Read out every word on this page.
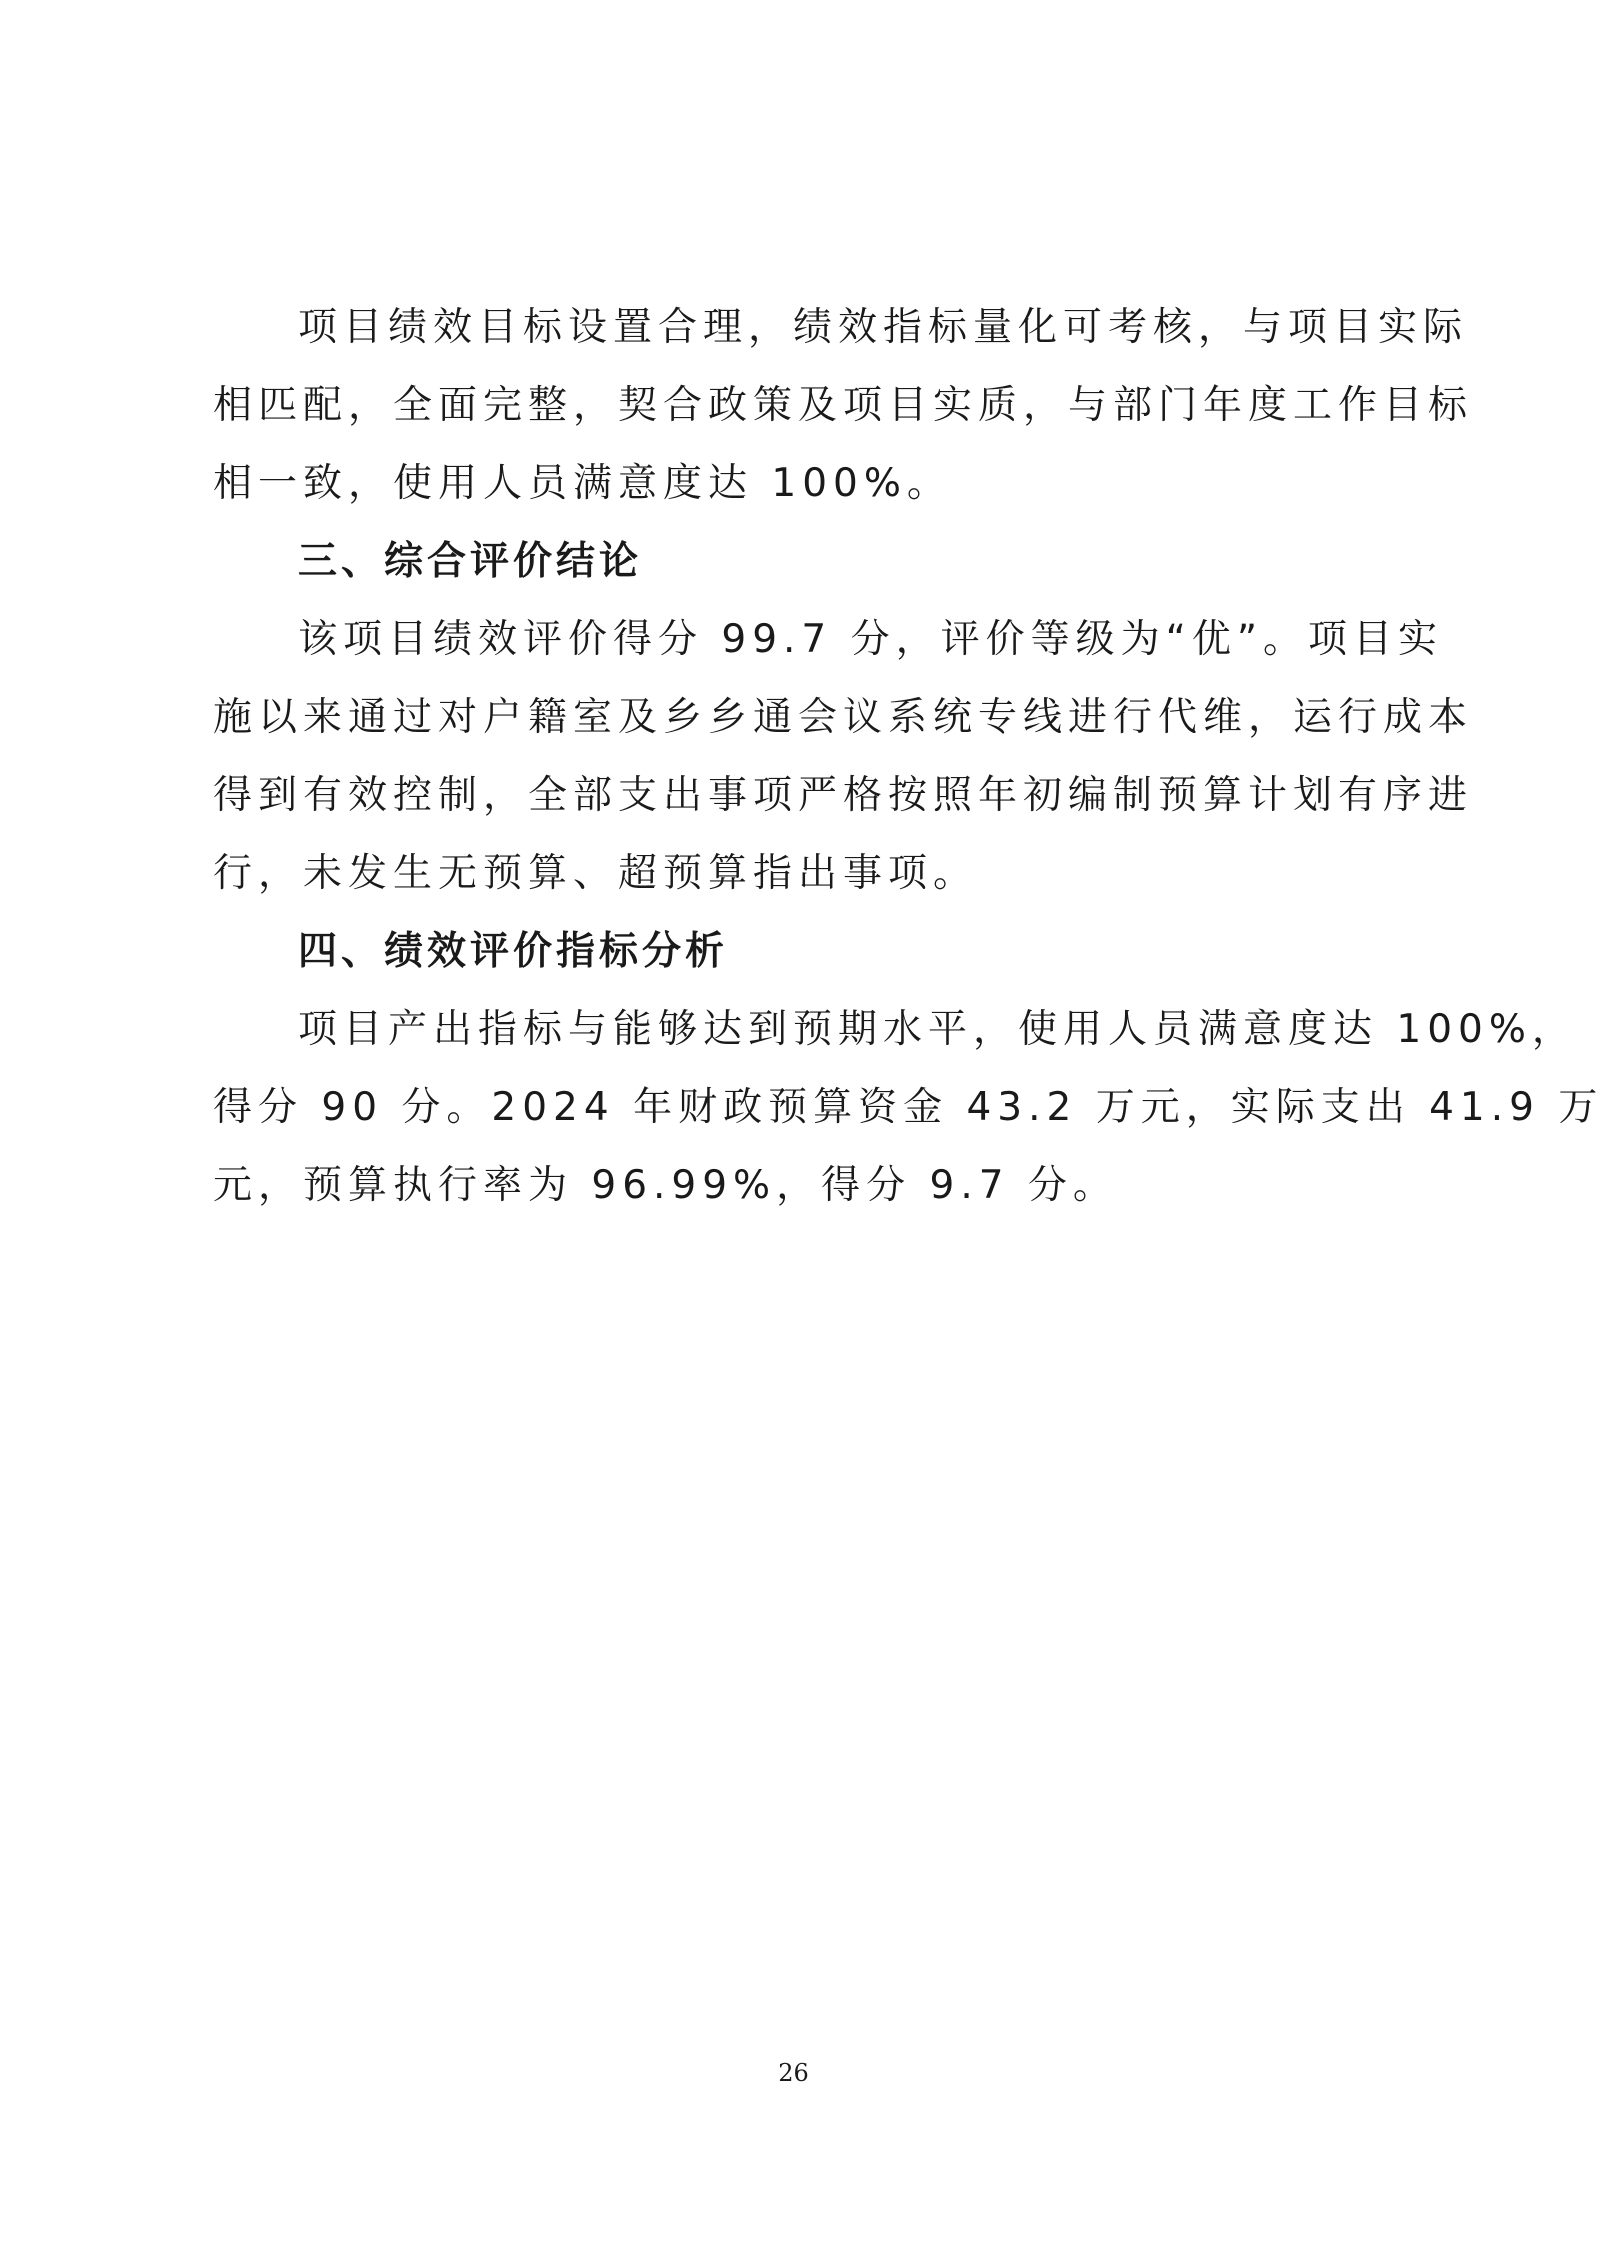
项目绩效目标设置合理，绩效指标量化可考核，与项目实际
相匹配，全面完整，契合政策及项目实质，与部门年度工作目标
相一致，使用人员满意度达 100%。
三、综合评价结论
该项目绩效评价得分 99.7 分，评价等级为“优”。项目实
施以来通过对户籍室及乡乡通会议系统专线进行代维，运行成本
得到有效控制，全部支出事项严格按照年初编制预算计划有序进
行，未发生无预算、超预算指出事项。
四、绩效评价指标分析
项目产出指标与能够达到预期水平，使用人员满意度达 100%，
得分 90 分。2024 年财政预算资金 43.2 万元，实际支出 41.9 万
元，预算执行率为 96.99%，得分 9.7 分。
26
